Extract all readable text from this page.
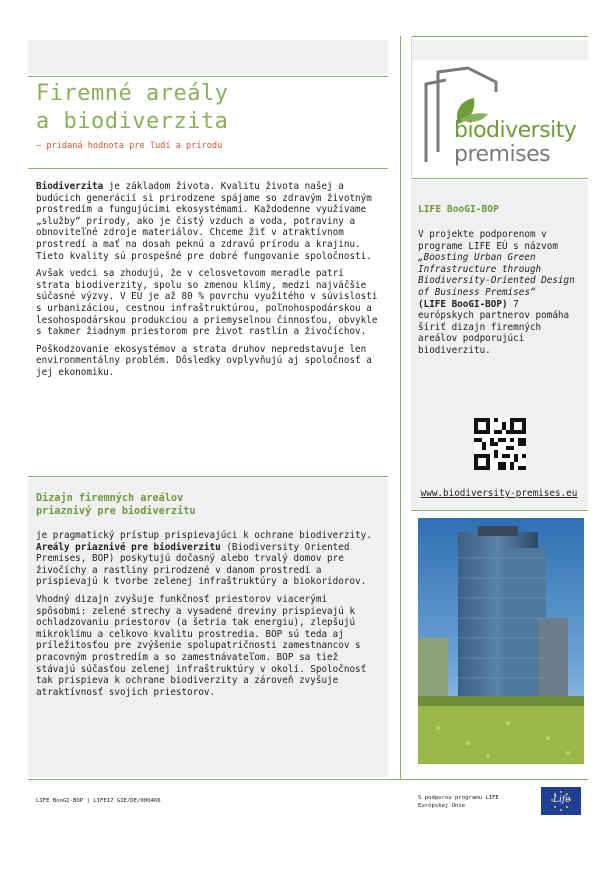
Firemné areály
a biodiverzita
– pridaná hodnota pre ľudí a prírodu
biodiversity
premises

Biodiverzita je základom života. Kvalitu života našej a budúcich generácií si prirodzene spájame so zdravým životným prostredím a fungujúcimi ekosystémami. Každodenne využívame „služby“ prírody, ako je čistý vzduch a voda, potraviny a obnoviteľné zdroje materiálov. Chceme žiť v atraktívnom prostredí a mať na dosah peknú a zdravú prírodu a krajinu. Tieto kvality sú prospešné pre dobré fungovanie spoločnosti.

Avšak vedci sa zhodujú, že v celosvetovom meradle patrí strata biodiverzity, spolu so zmenou klímy, medzi najväčšie súčasné výzvy. V EÚ je až 80 % povrchu využitého v súvislosti s urbanizáciou, cestnou infraštruktúrou, poľnohospodárskou a lesohospodárskou produkciou a priemyselnou činnosťou, obvykle s takmer žiadnym priestorom pre život rastlín a živočíchov.

Poškodzovanie ekosystémov a strata druhov nepredstavuje len environmentálny problém. Dôsledky ovplyvňujú aj spoločnosť a jej ekonomiku.

Dizajn firemných areálov
priaznivý pre biodiverzitu

je pragmatický prístup prispievajúci k ochrane biodiverzity. Areály priaznivé pre biodiverzitu (Biodiversity Oriented Premises, BOP) poskytujú dočasný alebo trvalý domov pre živočíchy a rastliny prirodzené v danom prostredí a prispievajú k tvorbe zelenej infraštruktúry a biokoridorov.

Vhodný dizajn zvyšuje funkčnosť priestorov viacerými spôsobmi: zelené strechy a vysadené dreviny prispievajú k ochladzovaniu priestorov (a šetria tak energiu), zlepšujú mikroklímu a celkovo kvalitu prostredia. BOP sú teda aj príležitosťou pre zvýšenie spolupatričnosti zamestnancov s pracovným prostredím a so zamestnávateľom. BOP sa tiež stávajú súčasťou zelenej infraštruktúry v okolí. Spoločnosť tak prispieva k ochrane biodiverzity a zároveň zvyšuje atraktívnosť svojich priestorov.

LIFE BooGI-BOP
V projekte podporenom v programe LIFE EÚ s názvom „Boosting Urban Green Infrastructure through Biodiversity-Oriented Design of Business Premises“
(LIFE BooGI-BOP) 7 európskych partnerov pomáha šíriť dizajn firemných areálov podporujúci biodiverzitu.
www.biodiversity-premises.eu
LIFE BooGI-BOP | LIFE17 GIE/DE/000466	S podporou programu LIFE
Európskej Únie
Life
